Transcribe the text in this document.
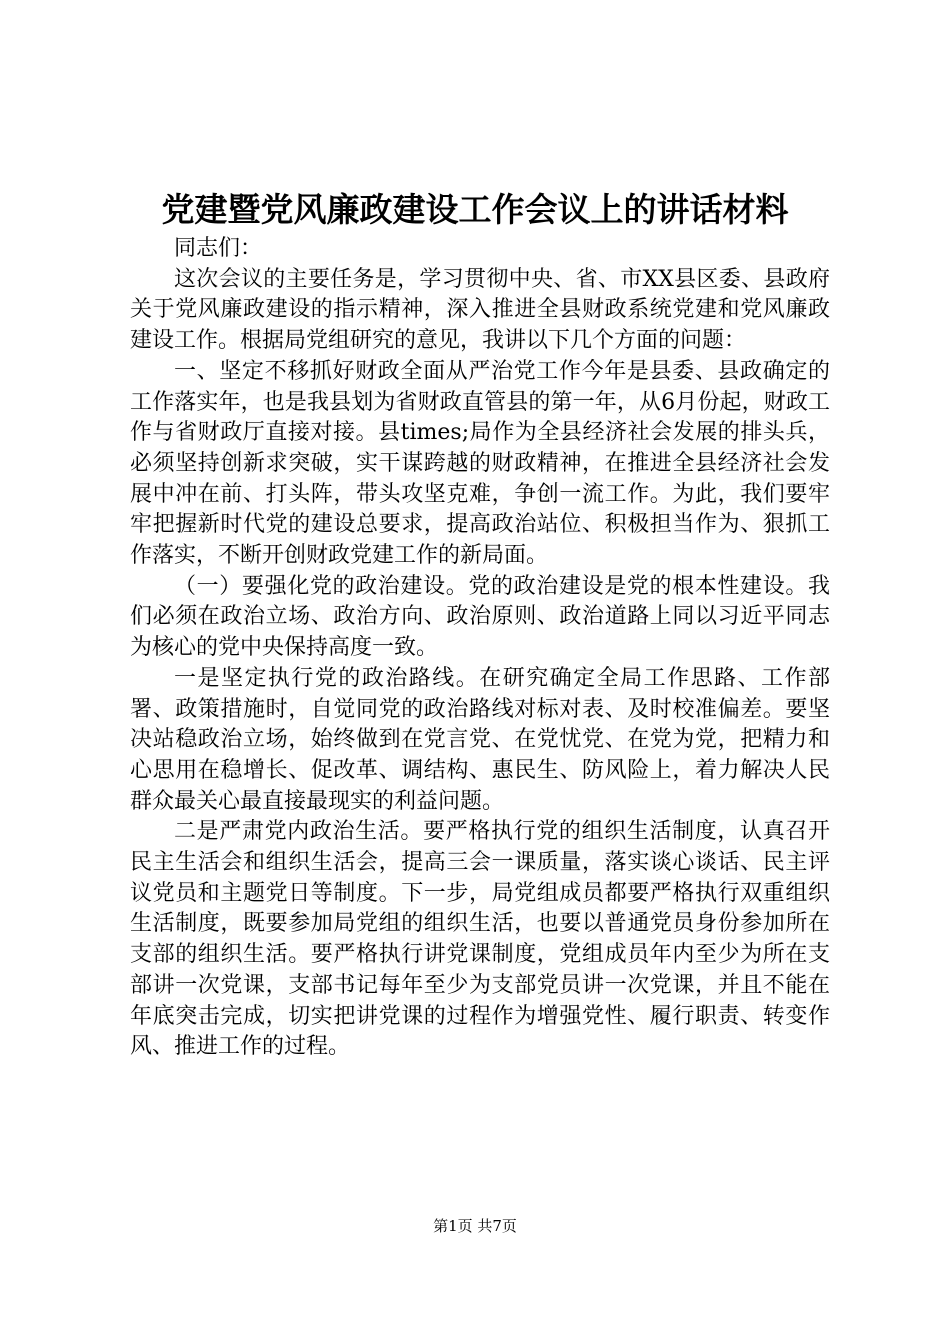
党建暨党风廉政建设工作会议上的讲话材料

同志们：

这次会议的主要任务是，学习贯彻中央、省、市XX县区委、县政府关于党风廉政建设的指示精神，深入推进全县财政系统党建和党风廉政建设工作。根据局党组研究的意见，我讲以下几个方面的问题：

一、坚定不移抓好财政全面从严治党工作今年是县委、县政确定的工作落实年，也是我县划为省财政直管县的第一年，从6月份起，财政工作与省财政厅直接对接。县times;局作为全县经济社会发展的排头兵，必须坚持创新求突破，实干谋跨越的财政精神，在推进全县经济社会发展中冲在前、打头阵，带头攻坚克难，争创一流工作。为此，我们要牢牢把握新时代党的建设总要求，提高政治站位、积极担当作为、狠抓工作落实，不断开创财政党建工作的新局面。

（一）要强化党的政治建设。党的政治建设是党的根本性建设。我们必须在政治立场、政治方向、政治原则、政治道路上同以习近平同志为核心的党中央保持高度一致。

一是坚定执行党的政治路线。在研究确定全局工作思路、工作部署、政策措施时，自觉同党的政治路线对标对表、及时校准偏差。要坚决站稳政治立场，始终做到在党言党、在党忧党、在党为党，把精力和心思用在稳增长、促改革、调结构、惠民生、防风险上，着力解决人民群众最关心最直接最现实的利益问题。

二是严肃党内政治生活。要严格执行党的组织生活制度，认真召开民主生活会和组织生活会，提高三会一课质量，落实谈心谈话、民主评议党员和主题党日等制度。下一步，局党组成员都要严格执行双重组织生活制度，既要参加局党组的组织生活，也要以普通党员身份参加所在支部的组织生活。要严格执行讲党课制度，党组成员年内至少为所在支部讲一次党课，支部书记每年至少为支部党员讲一次党课，并且不能在年底突击完成，切实把讲党课的过程作为增强党性、履行职责、转变作风、推进工作的过程。

第1页 共7页
